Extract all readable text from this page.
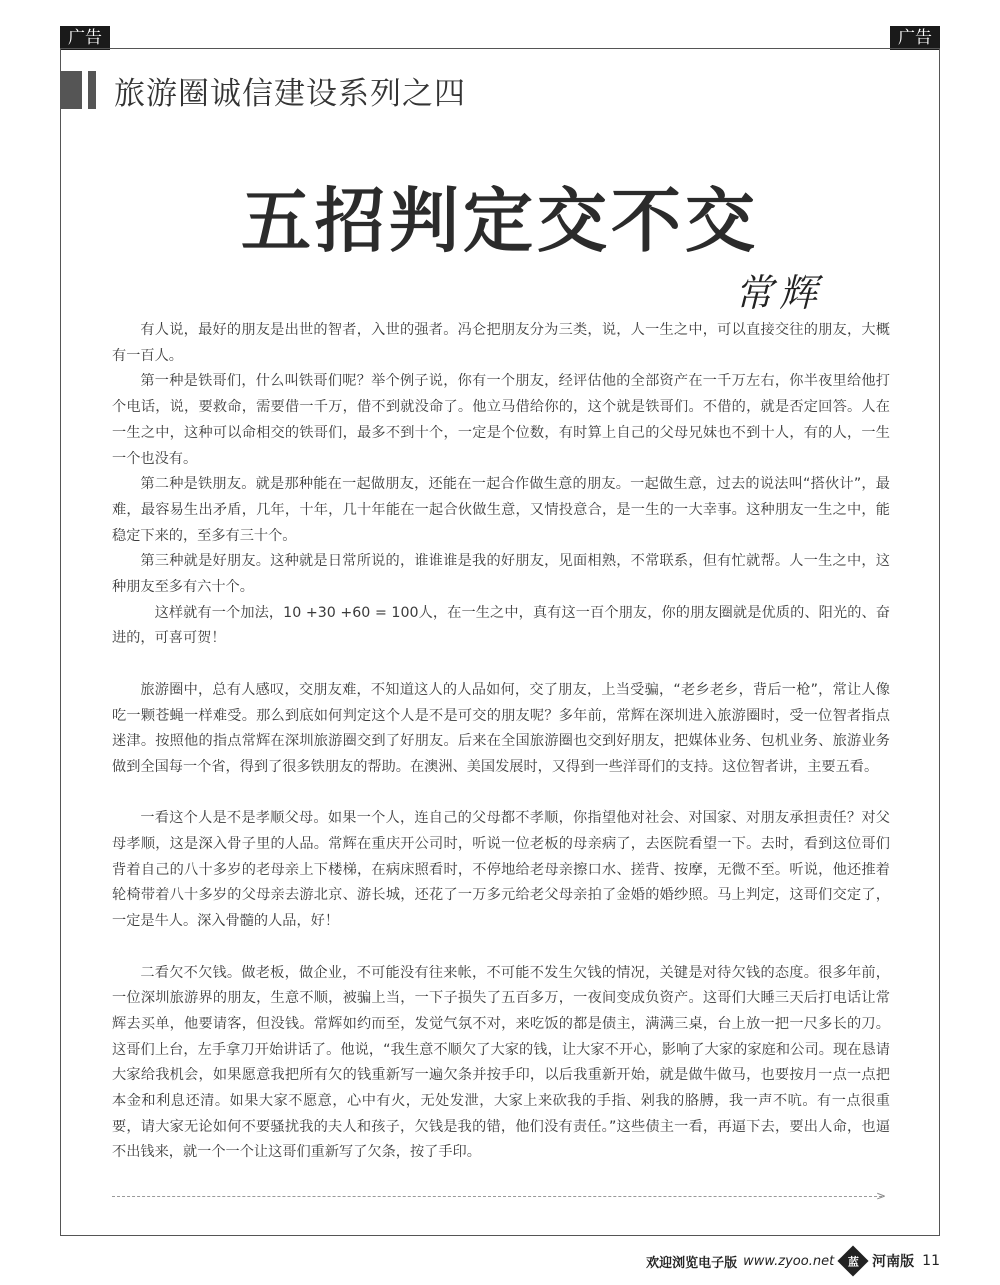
广告	广告
旅游圈诚信建设系列之四
五招判定交不交
常辉

有人说，最好的朋友是出世的智者，入世的强者。冯仑把朋友分为三类，说，人一生之中，可以直接交往的朋友，大概有一百人。

第一种是铁哥们，什么叫铁哥们呢？举个例子说，你有一个朋友，经评估他的全部资产在一千万左右，你半夜里给他打个电话，说，要救命，需要借一千万，借不到就没命了。他立马借给你的，这个就是铁哥们。不借的，就是否定回答。人在一生之中，这种可以命相交的铁哥们，最多不到十个，一定是个位数，有时算上自己的父母兄妹也不到十人，有的人，一生一个也没有。

第二种是铁朋友。就是那种能在一起做朋友，还能在一起合作做生意的朋友。一起做生意，过去的说法叫“搭伙计”，最难，最容易生出矛盾，几年，十年，几十年能在一起合伙做生意，又情投意合，是一生的一大幸事。这种朋友一生之中，能稳定下来的，至多有三十个。

第三种就是好朋友。这种就是日常所说的，谁谁谁是我的好朋友，见面相熟，不常联系，但有忙就帮。人一生之中，这种朋友至多有六十个。

这样就有一个加法，10 +30 +60 = 100人，在一生之中，真有这一百个朋友，你的朋友圈就是优质的、阳光的、奋进的，可喜可贺！

旅游圈中，总有人感叹，交朋友难，不知道这人的人品如何，交了朋友，上当受骗，“老乡老乡，背后一枪”，常让人像吃一颗苍蝇一样难受。那么到底如何判定这个人是不是可交的朋友呢？多年前，常辉在深圳进入旅游圈时，受一位智者指点迷津。按照他的指点常辉在深圳旅游圈交到了好朋友。后来在全国旅游圈也交到好朋友，把媒体业务、包机业务、旅游业务做到全国每一个省，得到了很多铁朋友的帮助。在澳洲、美国发展时，又得到一些洋哥们的支持。这位智者讲，主要五看。

一看这个人是不是孝顺父母。如果一个人，连自己的父母都不孝顺，你指望他对社会、对国家、对朋友承担责任？对父母孝顺，这是深入骨子里的人品。常辉在重庆开公司时，听说一位老板的母亲病了，去医院看望一下。去时，看到这位哥们背着自己的八十多岁的老母亲上下楼梯，在病床照看时，不停地给老母亲擦口水、搓背、按摩，无微不至。听说，他还推着轮椅带着八十多岁的父母亲去游北京、游长城，还花了一万多元给老父母亲拍了金婚的婚纱照。马上判定，这哥们交定了，一定是牛人。深入骨髓的人品，好！

二看欠不欠钱。做老板，做企业，不可能没有往来帐，不可能不发生欠钱的情况，关键是对待欠钱的态度。很多年前，一位深圳旅游界的朋友，生意不顺，被骗上当，一下子损失了五百多万，一夜间变成负资产。这哥们大睡三天后打电话让常辉去买单，他要请客，但没钱。常辉如约而至，发觉气氛不对，来吃饭的都是债主，满满三桌，台上放一把一尺多长的刀。这哥们上台，左手拿刀开始讲话了。他说，“我生意不顺欠了大家的钱，让大家不开心，影响了大家的家庭和公司。现在恳请大家给我机会，如果愿意我把所有欠的钱重新写一遍欠条并按手印，以后我重新开始，就是做牛做马，也要按月一点一点把本金和利息还清。如果大家不愿意，心中有火，无处发泄，大家上来砍我的手指、剁我的胳膊，我一声不吭。有一点很重要，请大家无论如何不要骚扰我的夫人和孩子，欠钱是我的错，他们没有责任。”这些债主一看，再逼下去，要出人命，也逼不出钱来，就一个一个让这哥们重新写了欠条，按了手印。

>
欢迎浏览电子版 www.zyoo.net 蓝 河南版 11
